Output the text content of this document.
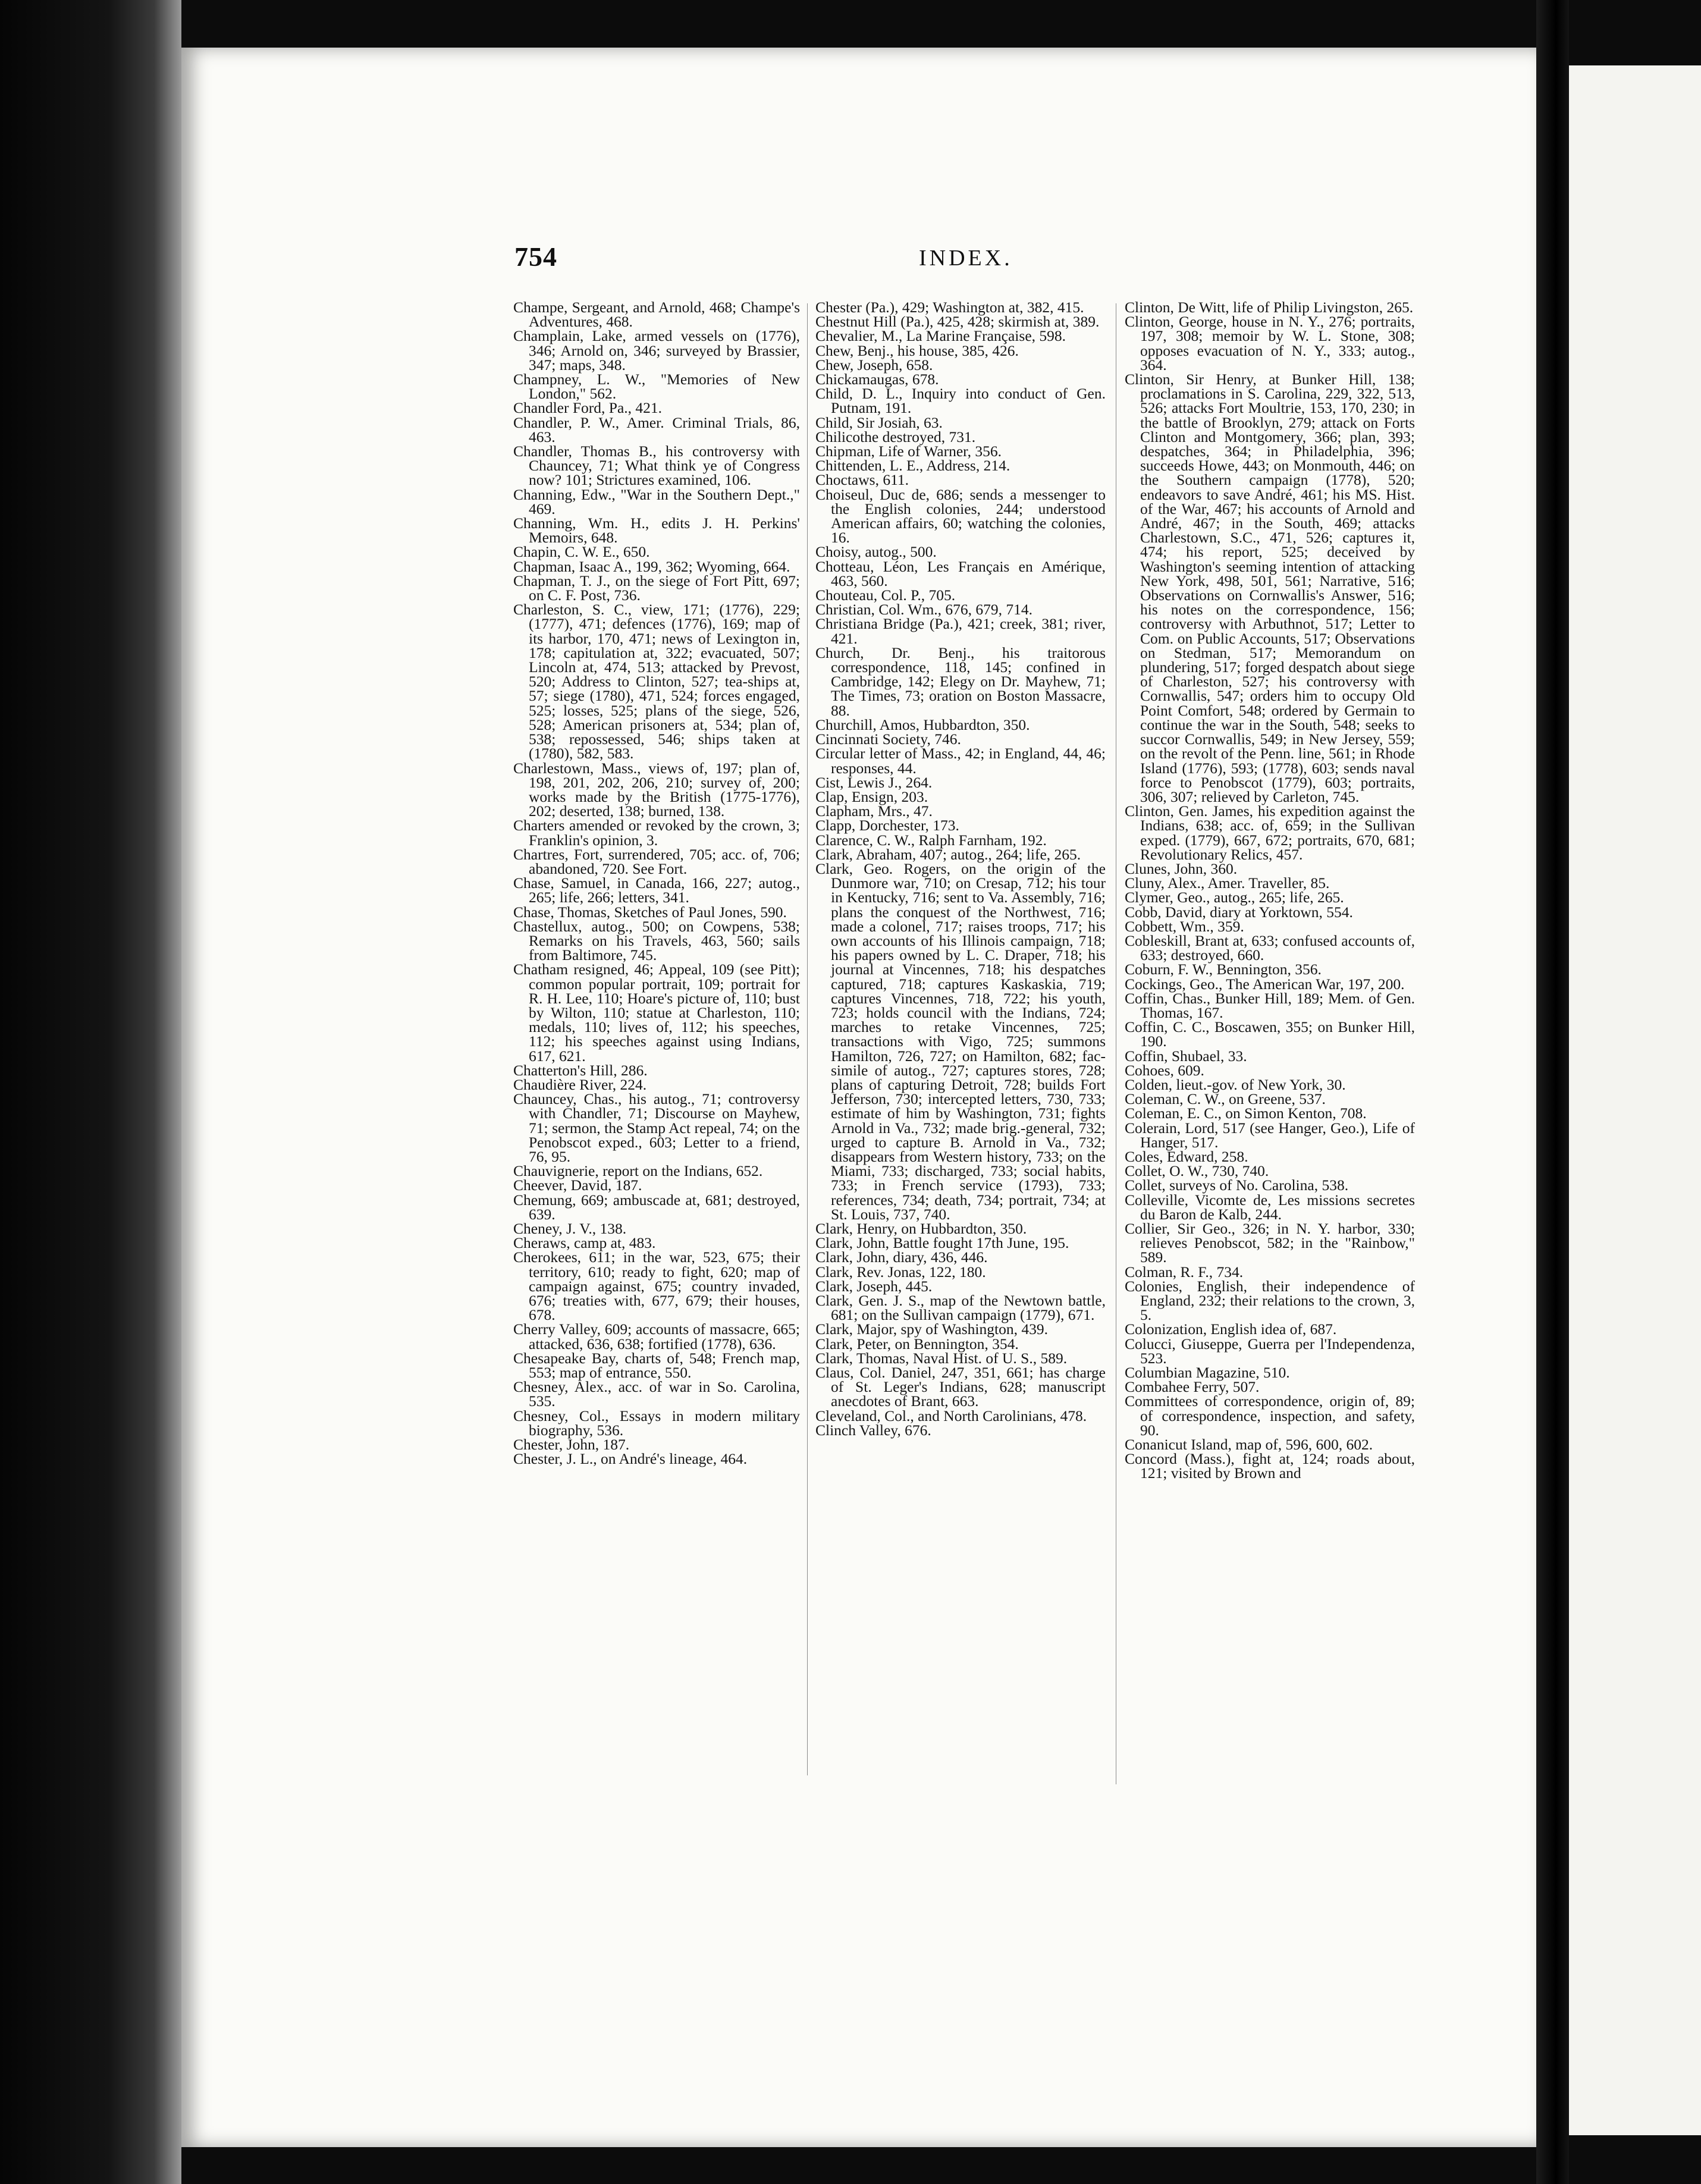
754	INDEX.

Champe, Sergeant, and Arnold, 468; Champe's Adventures, 468.

Champlain, Lake, armed vessels on (1776), 346; Arnold on, 346; surveyed by Brassier, 347; maps, 348.

Champney, L. W., "Memories of New London," 562.

Chandler Ford, Pa., 421.

Chandler, P. W., Amer. Criminal Trials, 86, 463.

Chandler, Thomas B., his controversy with Chauncey, 71; What think ye of Congress now? 101; Strictures examined, 106.

Channing, Edw., "War in the Southern Dept.," 469.

Channing, Wm. H., edits J. H. Perkins' Memoirs, 648.

Chapin, C. W. E., 650.

Chapman, Isaac A., 199, 362; Wyoming, 664.

Chapman, T. J., on the siege of Fort Pitt, 697; on C. F. Post, 736.

Charleston, S. C., view, 171; (1776), 229; (1777), 471; defences (1776), 169; map of its harbor, 170, 471; news of Lexington in, 178; capitulation at, 322; evacuated, 507; Lincoln at, 474, 513; attacked by Prevost, 520; Address to Clinton, 527; tea-ships at, 57; siege (1780), 471, 524; forces engaged, 525; losses, 525; plans of the siege, 526, 528; American prisoners at, 534; plan of, 538; repossessed, 546; ships taken at (1780), 582, 583.

Charlestown, Mass., views of, 197; plan of, 198, 201, 202, 206, 210; survey of, 200; works made by the British (1775-1776), 202; deserted, 138; burned, 138.

Charters amended or revoked by the crown, 3; Franklin's opinion, 3.

Chartres, Fort, surrendered, 705; acc. of, 706; abandoned, 720. See Fort.

Chase, Samuel, in Canada, 166, 227; autog., 265; life, 266; letters, 341.

Chase, Thomas, Sketches of Paul Jones, 590.

Chastellux, autog., 500; on Cowpens, 538; Remarks on his Travels, 463, 560; sails from Baltimore, 745.

Chatham resigned, 46; Appeal, 109 (see Pitt); common popular portrait, 109; portrait for R. H. Lee, 110; Hoare's picture of, 110; bust by Wilton, 110; statue at Charleston, 110; medals, 110; lives of, 112; his speeches, 112; his speeches against using Indians, 617, 621.

Chatterton's Hill, 286.

Chaudière River, 224.

Chauncey, Chas., his autog., 71; controversy with Chandler, 71; Discourse on Mayhew, 71; sermon, the Stamp Act repeal, 74; on the Penobscot exped., 603; Letter to a friend, 76, 95.

Chauvignerie, report on the Indians, 652.

Cheever, David, 187.

Chemung, 669; ambuscade at, 681; destroyed, 639.

Cheney, J. V., 138.

Cheraws, camp at, 483.

Cherokees, 611; in the war, 523, 675; their territory, 610; ready to fight, 620; map of campaign against, 675; country invaded, 676; treaties with, 677, 679; their houses, 678.

Cherry Valley, 609; accounts of massacre, 665; attacked, 636, 638; fortified (1778), 636.

Chesapeake Bay, charts of, 548; French map, 553; map of entrance, 550.

Chesney, Alex., acc. of war in So. Carolina, 535.

Chesney, Col., Essays in modern military biography, 536.

Chester, John, 187.

Chester, J. L., on André's lineage, 464.

Chester (Pa.), 429; Washington at, 382, 415.

Chestnut Hill (Pa.), 425, 428; skirmish at, 389.

Chevalier, M., La Marine Française, 598.

Chew, Benj., his house, 385, 426.

Chew, Joseph, 658.

Chickamaugas, 678.

Child, D. L., Inquiry into conduct of Gen. Putnam, 191.

Child, Sir Josiah, 63.

Chilicothe destroyed, 731.

Chipman, Life of Warner, 356.

Chittenden, L. E., Address, 214.

Choctaws, 611.

Choiseul, Duc de, 686; sends a messenger to the English colonies, 244; understood American affairs, 60; watching the colonies, 16.

Choisy, autog., 500.

Chotteau, Léon, Les Français en Amérique, 463, 560.

Chouteau, Col. P., 705.

Christian, Col. Wm., 676, 679, 714.

Christiana Bridge (Pa.), 421; creek, 381; river, 421.

Church, Dr. Benj., his traitorous correspondence, 118, 145; confined in Cambridge, 142; Elegy on Dr. Mayhew, 71; The Times, 73; oration on Boston Massacre, 88.

Churchill, Amos, Hubbardton, 350.

Cincinnati Society, 746.

Circular letter of Mass., 42; in England, 44, 46; responses, 44.

Cist, Lewis J., 264.

Clap, Ensign, 203.

Clapham, Mrs., 47.

Clapp, Dorchester, 173.

Clarence, C. W., Ralph Farnham, 192.

Clark, Abraham, 407; autog., 264; life, 265.

Clark, Geo. Rogers, on the origin of the Dunmore war, 710; on Cresap, 712; his tour in Kentucky, 716; sent to Va. Assembly, 716; plans the conquest of the Northwest, 716; made a colonel, 717; raises troops, 717; his own accounts of his Illinois campaign, 718; his papers owned by L. C. Draper, 718; his journal at Vincennes, 718; his despatches captured, 718; captures Kaskaskia, 719; captures Vincennes, 718, 722; his youth, 723; holds council with the Indians, 724; marches to retake Vincennes, 725; transactions with Vigo, 725; summons Hamilton, 726, 727; on Hamilton, 682; fac-simile of autog., 727; captures stores, 728; plans of capturing Detroit, 728; builds Fort Jefferson, 730; intercepted letters, 730, 733; estimate of him by Washington, 731; fights Arnold in Va., 732; made brig.-general, 732; urged to capture B. Arnold in Va., 732; disappears from Western history, 733; on the Miami, 733; discharged, 733; social habits, 733; in French service (1793), 733; references, 734; death, 734; portrait, 734; at St. Louis, 737, 740.

Clark, Henry, on Hubbardton, 350.

Clark, John, Battle fought 17th June, 195.

Clark, John, diary, 436, 446.

Clark, Rev. Jonas, 122, 180.

Clark, Joseph, 445.

Clark, Gen. J. S., map of the Newtown battle, 681; on the Sullivan campaign (1779), 671.

Clark, Major, spy of Washington, 439.

Clark, Peter, on Bennington, 354.

Clark, Thomas, Naval Hist. of U. S., 589.

Claus, Col. Daniel, 247, 351, 661; has charge of St. Leger's Indians, 628; manuscript anecdotes of Brant, 663.

Cleveland, Col., and North Carolinians, 478.

Clinch Valley, 676.

Clinton, De Witt, life of Philip Livingston, 265.

Clinton, George, house in N. Y., 276; portraits, 197, 308; memoir by W. L. Stone, 308; opposes evacuation of N. Y., 333; autog., 364.

Clinton, Sir Henry, at Bunker Hill, 138; proclamations in S. Carolina, 229, 322, 513, 526; attacks Fort Moultrie, 153, 170, 230; in the battle of Brooklyn, 279; attack on Forts Clinton and Montgomery, 366; plan, 393; despatches, 364; in Philadelphia, 396; succeeds Howe, 443; on Monmouth, 446; on the Southern campaign (1778), 520; endeavors to save André, 461; his MS. Hist. of the War, 467; his accounts of Arnold and André, 467; in the South, 469; attacks Charlestown, S.C., 471, 526; captures it, 474; his report, 525; deceived by Washington's seeming intention of attacking New York, 498, 501, 561; Narrative, 516; Observations on Cornwallis's Answer, 516; his notes on the correspondence, 156; controversy with Arbuthnot, 517; Letter to Com. on Public Accounts, 517; Observations on Stedman, 517; Memorandum on plundering, 517; forged despatch about siege of Charleston, 527; his controversy with Cornwallis, 547; orders him to occupy Old Point Comfort, 548; ordered by Germain to continue the war in the South, 548; seeks to succor Cornwallis, 549; in New Jersey, 559; on the revolt of the Penn. line, 561; in Rhode Island (1776), 593; (1778), 603; sends naval force to Penobscot (1779), 603; portraits, 306, 307; relieved by Carleton, 745.

Clinton, Gen. James, his expedition against the Indians, 638; acc. of, 659; in the Sullivan exped. (1779), 667, 672; portraits, 670, 681; Revolutionary Relics, 457.

Clunes, John, 360.

Cluny, Alex., Amer. Traveller, 85.

Clymer, Geo., autog., 265; life, 265.

Cobb, David, diary at Yorktown, 554.

Cobbett, Wm., 359.

Cobleskill, Brant at, 633; confused accounts of, 633; destroyed, 660.

Coburn, F. W., Bennington, 356.

Cockings, Geo., The American War, 197, 200.

Coffin, Chas., Bunker Hill, 189; Mem. of Gen. Thomas, 167.

Coffin, C. C., Boscawen, 355; on Bunker Hill, 190.

Coffin, Shubael, 33.

Cohoes, 609.

Colden, lieut.-gov. of New York, 30.

Coleman, C. W., on Greene, 537.

Coleman, E. C., on Simon Kenton, 708.

Colerain, Lord, 517 (see Hanger, Geo.), Life of Hanger, 517.

Coles, Edward, 258.

Collet, O. W., 730, 740.

Collet, surveys of No. Carolina, 538.

Colleville, Vicomte de, Les missions secretes du Baron de Kalb, 244.

Collier, Sir Geo., 326; in N. Y. harbor, 330; relieves Penobscot, 582; in the "Rainbow," 589.

Colman, R. F., 734.

Colonies, English, their independence of England, 232; their relations to the crown, 3, 5.

Colonization, English idea of, 687.

Colucci, Giuseppe, Guerra per l'Independenza, 523.

Columbian Magazine, 510.

Combahee Ferry, 507.

Committees of correspondence, origin of, 89; of correspondence, inspection, and safety, 90.

Conanicut Island, map of, 596, 600, 602.

Concord (Mass.), fight at, 124; roads about, 121; visited by Brown and
